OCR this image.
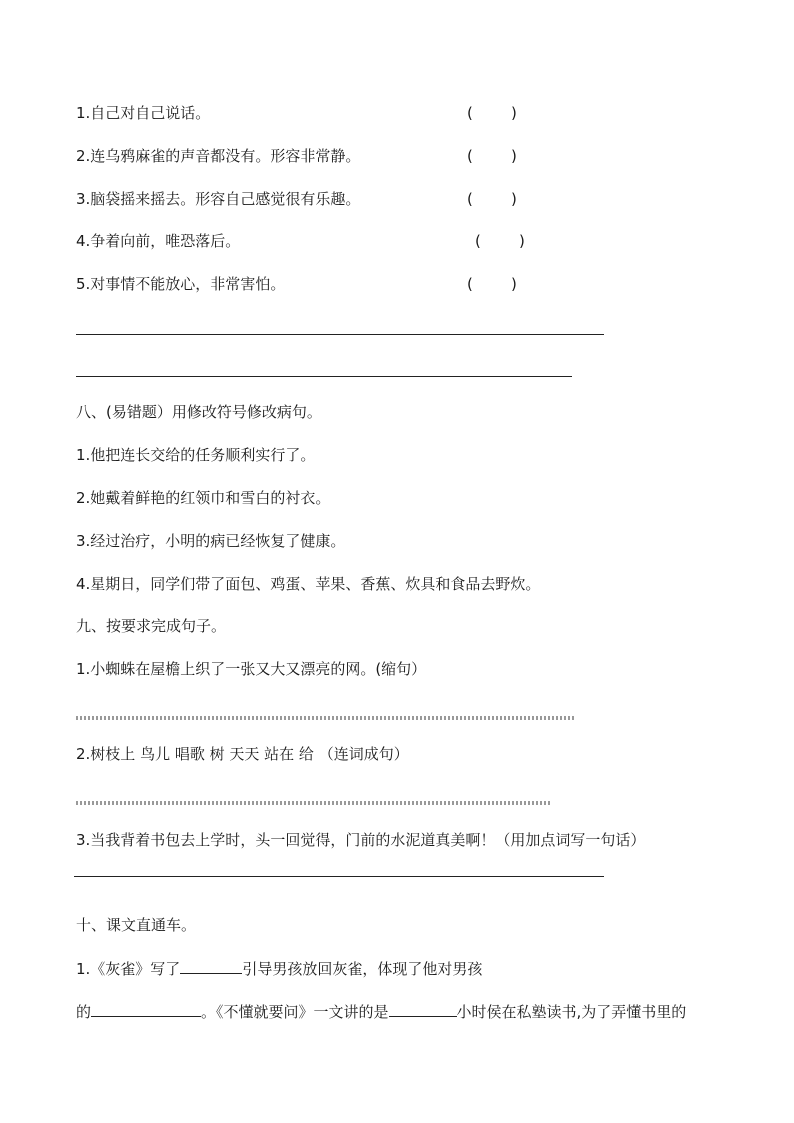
1.自己对自己说话。	(        )
2.连乌鸦麻雀的声音都没有。形容非常静。	(        )
3.脑袋摇来摇去。形容自己感觉很有乐趣。	(        )
4.争着向前，唯恐落后。	(        )
5.对事情不能放心，非常害怕。	(        )
八、(易错题）用修改符号修改病句。
1.他把连长交给的任务顺利实行了。
2.她戴着鲜艳的红领巾和雪白的衬衣。
3.经过治疗，小明的病已经恢复了健康。
4.星期日，同学们带了面包、鸡蛋、苹果、香蕉、炊具和食品去野炊。
九、按要求完成句子。
1.小蜘蛛在屋檐上织了一张又大又漂亮的网。(缩句）
2.树枝上 鸟儿 唱歌 树 天天 站在 给 （连词成句）
3.当我背着书包去上学时，头一回觉得，门前的水泥道真美啊！（用加点词写一句话）
十、课文直通车。
1.《灰雀》写了	引导男孩放回灰雀，体现了他对男孩
的	。《不懂就要问》一文讲的是	小时侯在私塾读书,为了弄懂书里的
